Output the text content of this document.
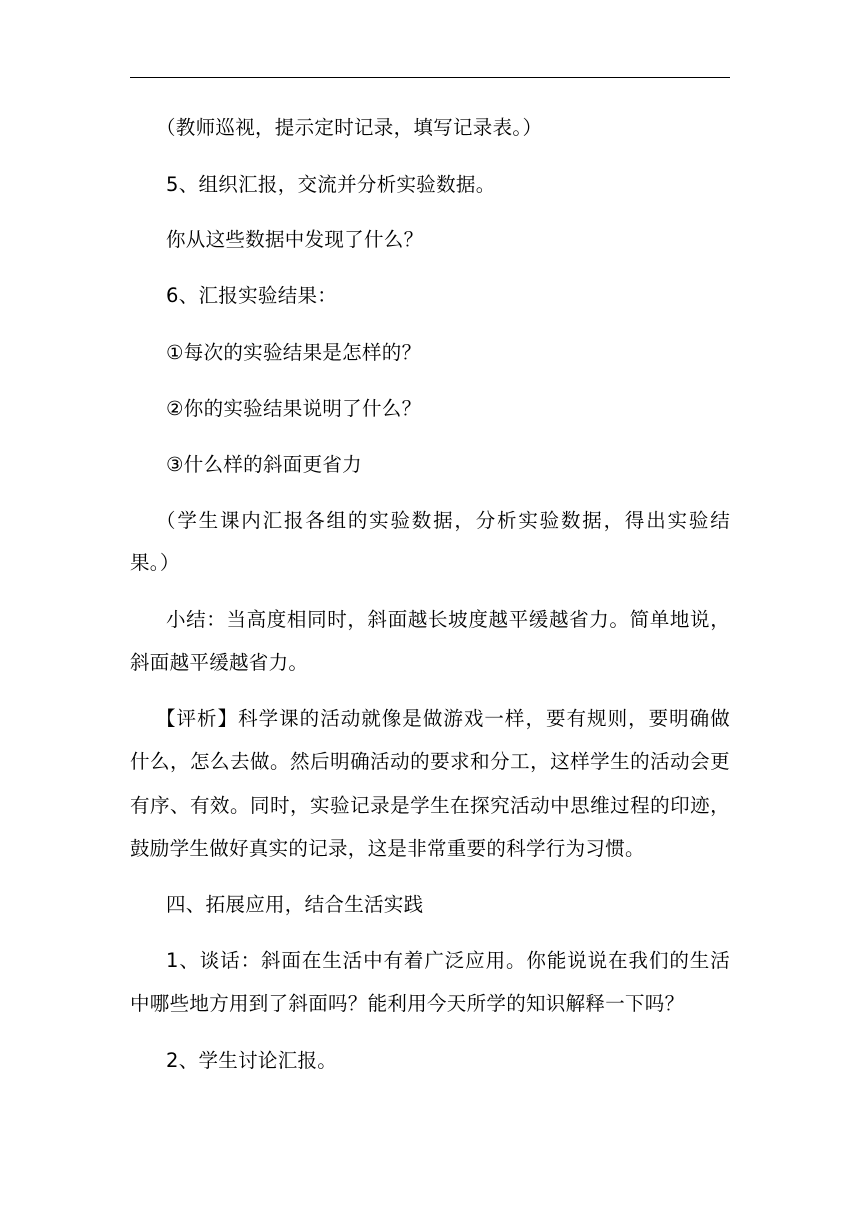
（教师巡视，提示定时记录，填写记录表。）
5、组织汇报，交流并分析实验数据。
你从这些数据中发现了什么？
6、汇报实验结果：
①每次的实验结果是怎样的？
②你的实验结果说明了什么？
③什么样的斜面更省力
（学生课内汇报各组的实验数据，分析实验数据，得出实验结
果。）
小结：当高度相同时，斜面越长坡度越平缓越省力。简单地说，
斜面越平缓越省力。
【评析】科学课的活动就像是做游戏一样，要有规则，要明确做
什么，怎么去做。然后明确活动的要求和分工，这样学生的活动会更
有序、有效。同时，实验记录是学生在探究活动中思维过程的印迹，
鼓励学生做好真实的记录，这是非常重要的科学行为习惯。
四、拓展应用，结合生活实践
1、谈话：斜面在生活中有着广泛应用。你能说说在我们的生活
中哪些地方用到了斜面吗？能利用今天所学的知识解释一下吗？
2、学生讨论汇报。
